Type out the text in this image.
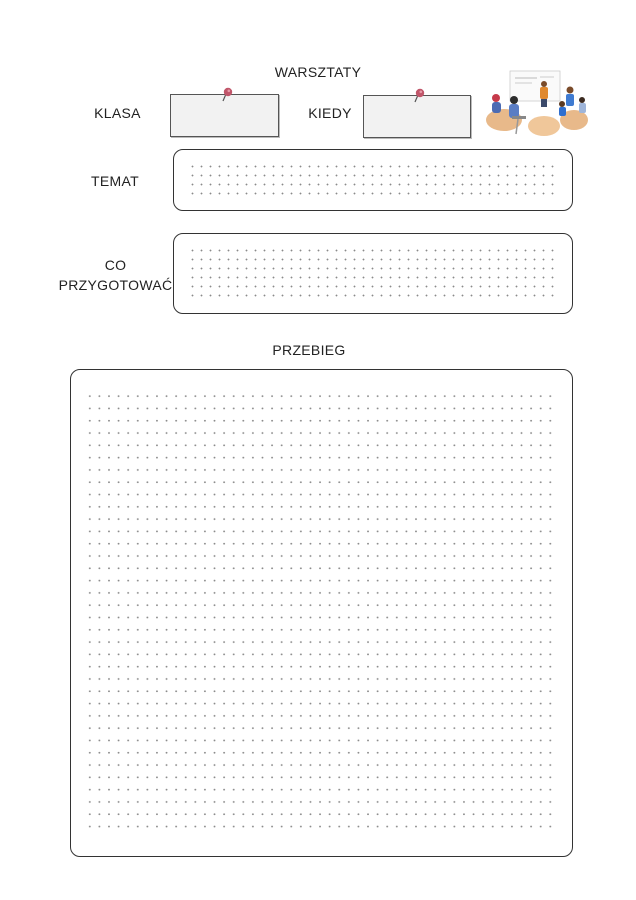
WARSZTATY
KLASA	KIEDY
TEMAT
CO
PRZYGOTOWAĆ
PRZEBIEG
